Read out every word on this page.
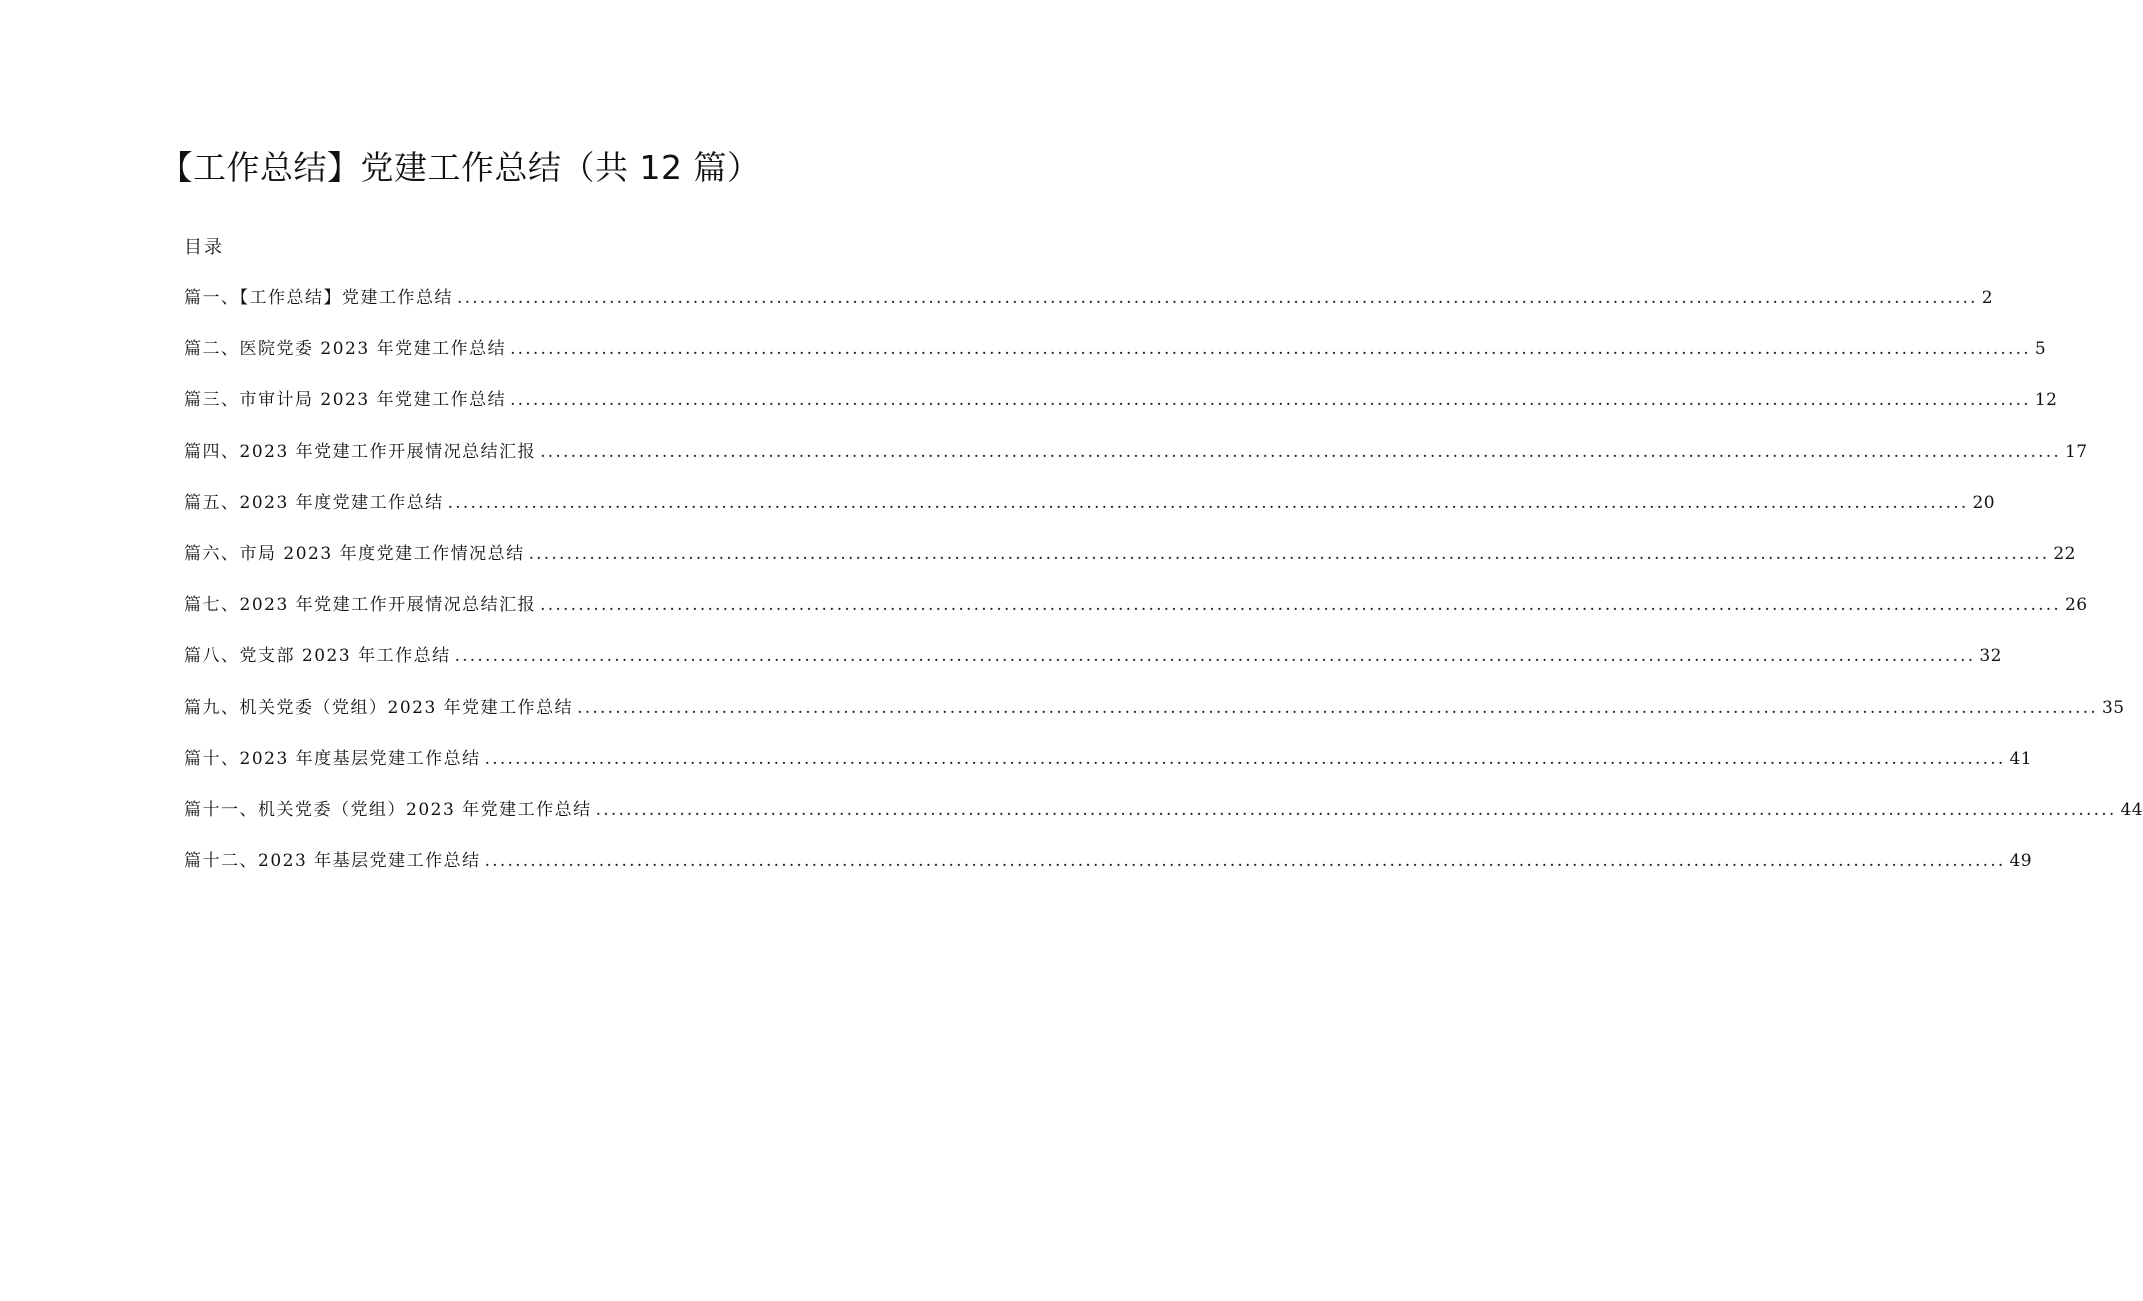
【工作总结】党建工作总结（共 12 篇）
目录
篇一、【工作总结】党建工作总结 ........................................................................................................................................................................................................ 2
篇二、医院党委 2023 年党建工作总结 ........................................................................................................................................................................................................ 5
篇三、市审计局 2023 年党建工作总结 ........................................................................................................................................................................................................ 12
篇四、2023 年党建工作开展情况总结汇报 ........................................................................................................................................................................................................ 17
篇五、2023 年度党建工作总结 ........................................................................................................................................................................................................ 20
篇六、市局 2023 年度党建工作情况总结 ........................................................................................................................................................................................................ 22
篇七、2023 年党建工作开展情况总结汇报 ........................................................................................................................................................................................................ 26
篇八、党支部 2023 年工作总结 ........................................................................................................................................................................................................ 32
篇九、机关党委（党组）2023 年党建工作总结 ........................................................................................................................................................................................................ 35
篇十、2023 年度基层党建工作总结 ........................................................................................................................................................................................................ 41
篇十一、机关党委（党组）2023 年党建工作总结 ........................................................................................................................................................................................................ 44
篇十二、2023 年基层党建工作总结 ........................................................................................................................................................................................................ 49
